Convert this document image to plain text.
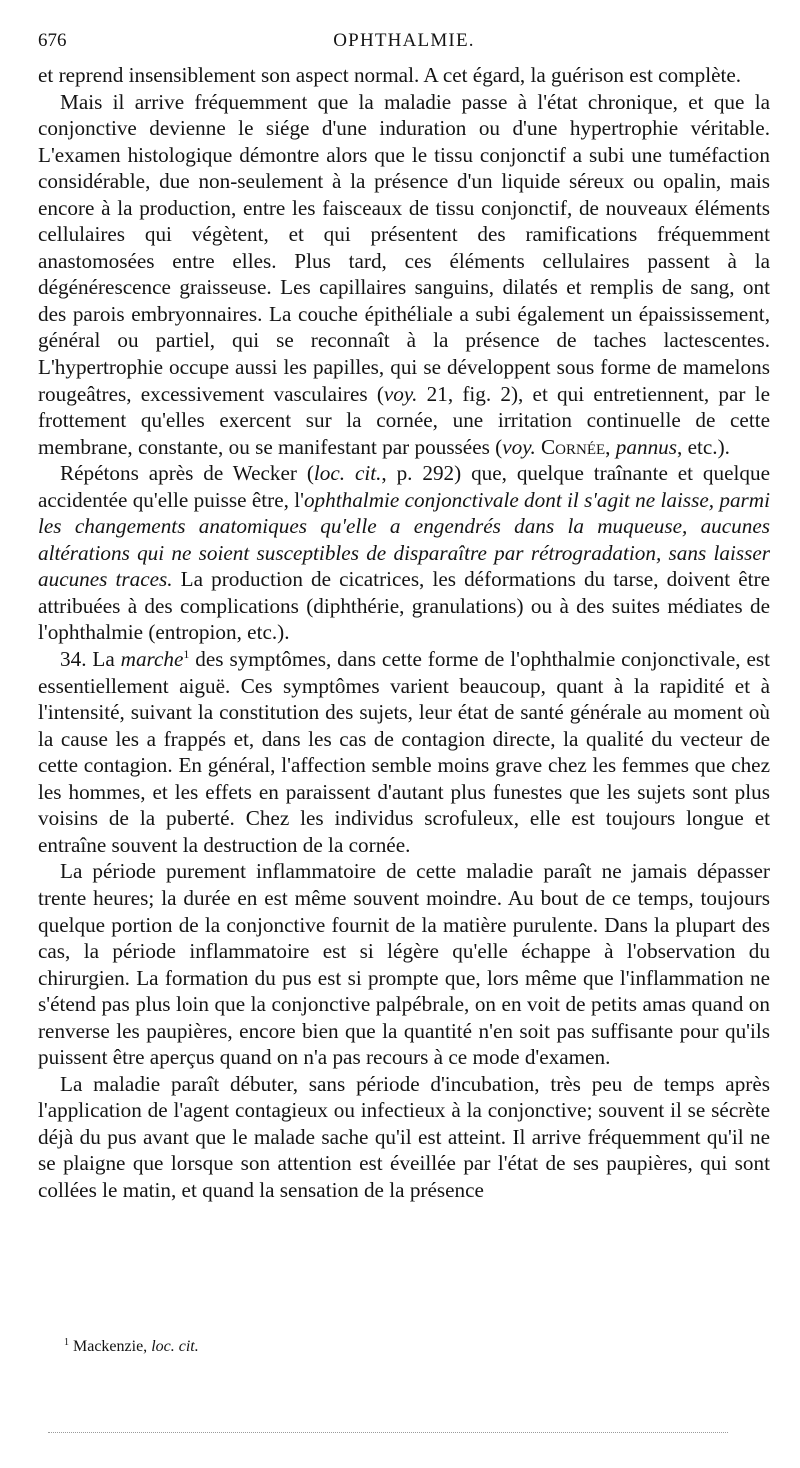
676	OPHTHALMIE.

et reprend insensiblement son aspect normal. A cet égard, la guérison est complète.

Mais il arrive fréquemment que la maladie passe à l'état chronique, et que la conjonctive devienne le siége d'une induration ou d'une hypertrophie véritable. L'examen histologique démontre alors que le tissu conjonctif a subi une tuméfaction considérable, due non-seulement à la présence d'un liquide séreux ou opalin, mais encore à la production, entre les faisceaux de tissu conjonctif, de nouveaux éléments cellulaires qui végètent, et qui présentent des ramifications fréquemment anastomosées entre elles. Plus tard, ces éléments cellulaires passent à la dégénérescence graisseuse. Les capillaires sanguins, dilatés et remplis de sang, ont des parois embryonnaires. La couche épithéliale a subi également un épaississement, général ou partiel, qui se reconnaît à la présence de taches lactescentes. L'hypertrophie occupe aussi les papilles, qui se développent sous forme de mamelons rougeâtres, excessivement vasculaires (voy. 21, fig. 2), et qui entretiennent, par le frottement qu'elles exercent sur la cornée, une irritation continuelle de cette membrane, constante, ou se manifestant par poussées (voy. Cornée, pannus, etc.).

Répétons après de Wecker (loc. cit., p. 292) que, quelque traînante et quelque accidentée qu'elle puisse être, l'ophthalmie conjonctivale dont il s'agit ne laisse, parmi les changements anatomiques qu'elle a engendrés dans la muqueuse, aucunes altérations qui ne soient susceptibles de disparaître par rétrogradation, sans laisser aucunes traces. La production de cicatrices, les déformations du tarse, doivent être attribuées à des complications (diphthérie, granulations) ou à des suites médiates de l'ophthalmie (entropion, etc.).

34. La marche$^1$ des symptômes, dans cette forme de l'ophthalmie conjonctivale, est essentiellement aiguë. Ces symptômes varient beaucoup, quant à la rapidité et à l'intensité, suivant la constitution des sujets, leur état de santé générale au moment où la cause les a frappés et, dans les cas de contagion directe, la qualité du vecteur de cette contagion. En général, l'affection semble moins grave chez les femmes que chez les hommes, et les effets en paraissent d'autant plus funestes que les sujets sont plus voisins de la puberté. Chez les individus scrofuleux, elle est toujours longue et entraîne souvent la destruction de la cornée.

La période purement inflammatoire de cette maladie paraît ne jamais dépasser trente heures; la durée en est même souvent moindre. Au bout de ce temps, toujours quelque portion de la conjonctive fournit de la matière purulente. Dans la plupart des cas, la période inflammatoire est si légère qu'elle échappe à l'observation du chirurgien. La formation du pus est si prompte que, lors même que l'inflammation ne s'étend pas plus loin que la conjonctive palpébrale, on en voit de petits amas quand on renverse les paupières, encore bien que la quantité n'en soit pas suffisante pour qu'ils puissent être aperçus quand on n'a pas recours à ce mode d'examen.

La maladie paraît débuter, sans période d'incubation, très peu de temps après l'application de l'agent contagieux ou infectieux à la conjonctive; souvent il se sécrète déjà du pus avant que le malade sache qu'il est atteint. Il arrive fréquemment qu'il ne se plaigne que lorsque son attention est éveillée par l'état de ses paupières, qui sont collées le matin, et quand la sensation de la présence

$^1$ Mackenzie, loc. cit.
